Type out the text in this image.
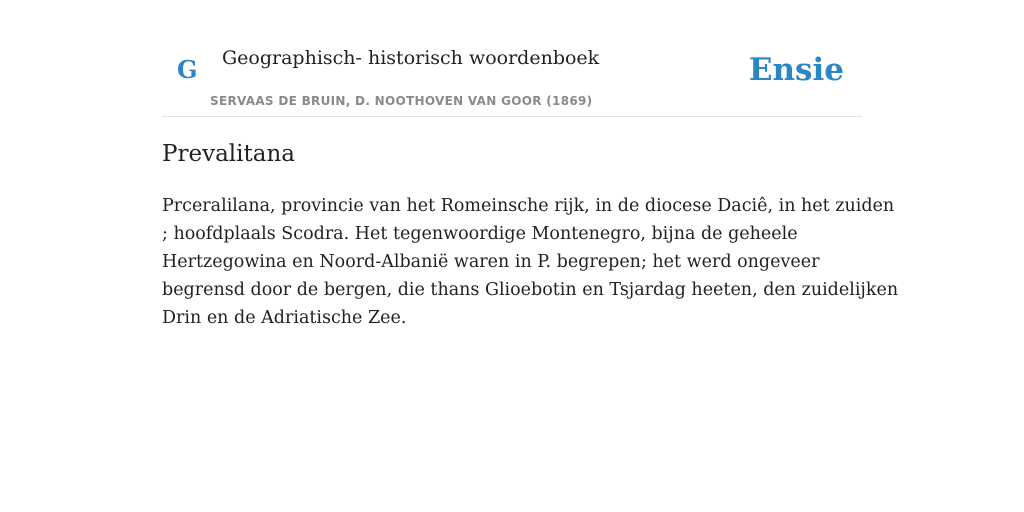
G Geographisch- historisch woordenboek
SERVAAS DE BRUIN, D. NOOTHOVEN VAN GOOR (1869)
Ensie
Prevalitana

Prceralilana, provincie van het Romeinsche rijk, in de diocese Daciê, in het zuiden
; hoofdplaals Scodra. Het tegenwoordige Montenegro, bijna de geheele
Hertzegowina en Noord-Albanië waren in P. begrepen; het werd ongeveer
begrensd door de bergen, die thans Glioebotin en Tsjardag heeten, den zuidelijken
Drin en de Adriatische Zee.
